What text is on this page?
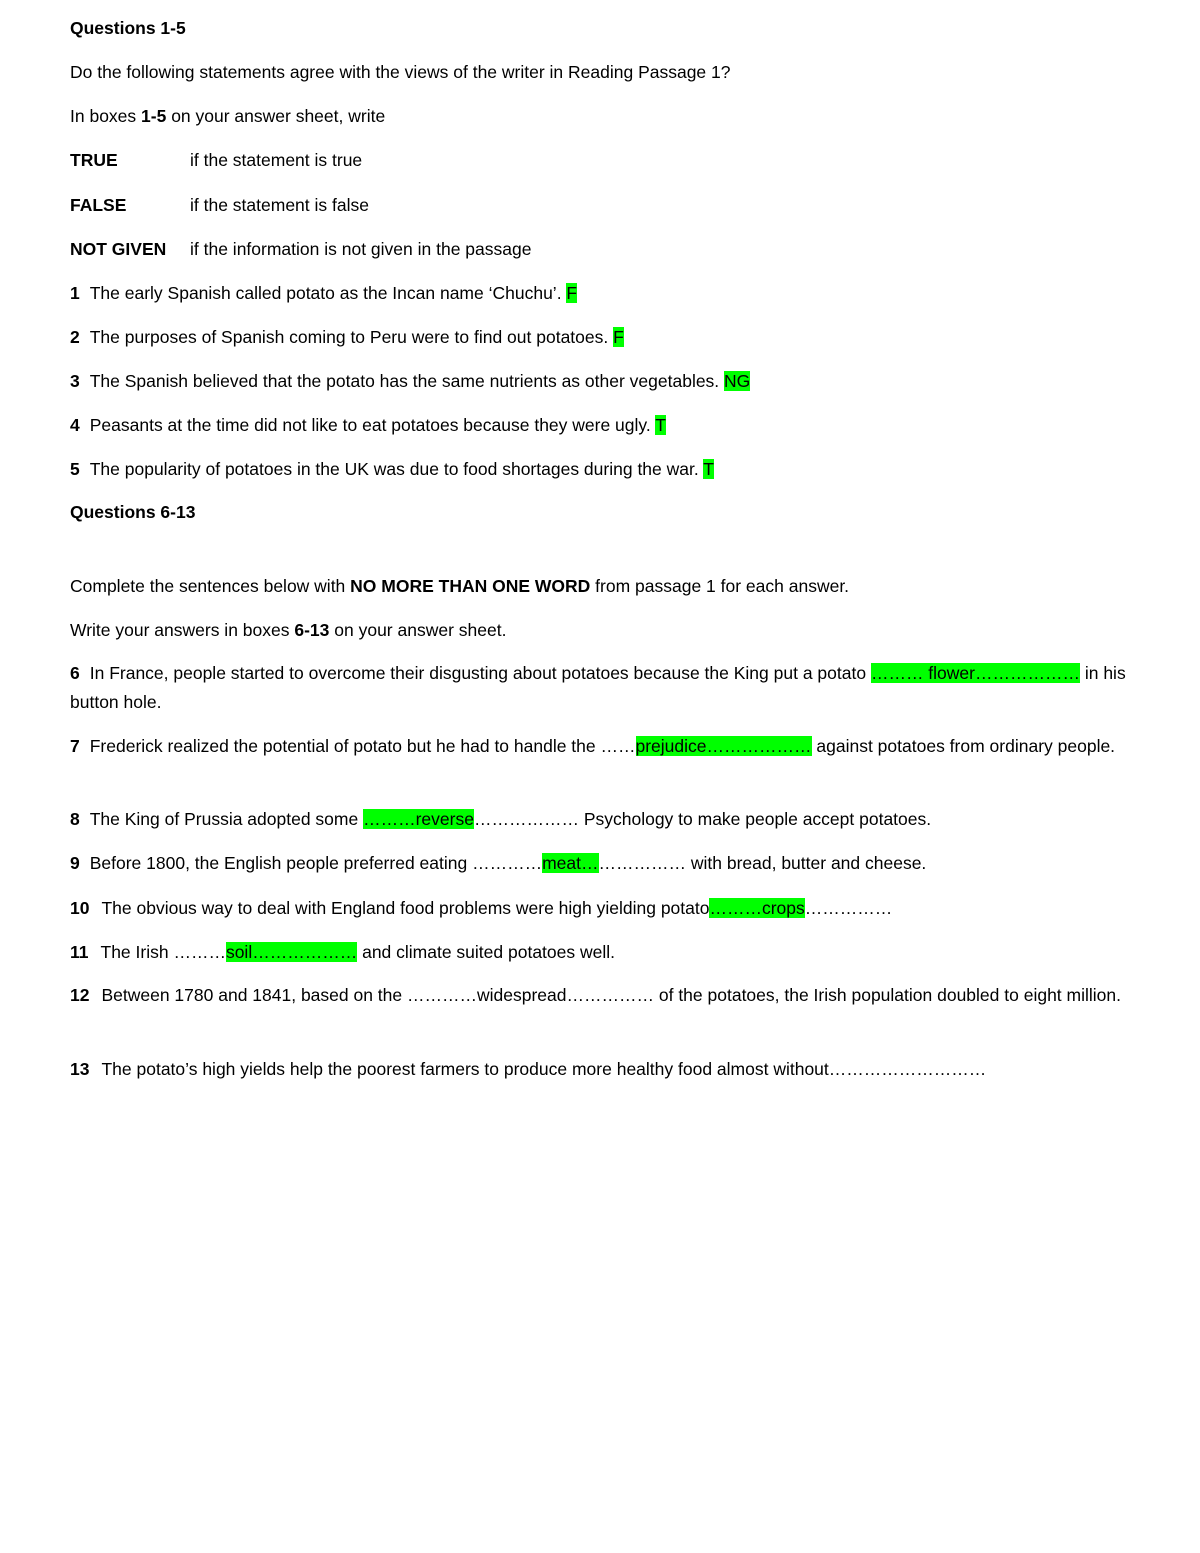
Questions 1-5
Do the following statements agree with the views of the writer in Reading Passage 1?
In boxes 1-5 on your answer sheet, write
TRUE	if the statement is true
FALSE	if the statement is false
NOT GIVEN if the information is not given in the passage
1 The early Spanish called potato as the Incan name ‘Chuchu’. F
2 The purposes of Spanish coming to Peru were to find out potatoes. F
3 The Spanish believed that the potato has the same nutrients as other vegetables. NG
4 Peasants at the time did not like to eat potatoes because they were ugly. T
5 The popularity of potatoes in the UK was due to food shortages during the war. T
Questions 6-13
Complete the sentences below with NO MORE THAN ONE WORD from passage 1 for each answer.
Write your answers in boxes 6-13 on your answer sheet.
6 In France, people started to overcome their disgusting about potatoes because the King put a potato ……… flower……………… in his button hole.
7 Frederick realized the potential of potato but he had to handle the ……prejudice……………… against potatoes from ordinary people.
8 The King of Prussia adopted some ………reverse……………… Psychology to make people accept potatoes.
9 Before 1800, the English people preferred eating …………meat……………… with bread, butter and cheese.
10 The obvious way to deal with England food problems were high yielding potato………crops……………
11 The Irish ………soil……………… and climate suited potatoes well.
12 Between 1780 and 1841, based on the …………widespread…………… of the potatoes, the Irish population doubled to eight million.
13 The potato’s high yields help the poorest farmers to produce more healthy food almost without………………………
